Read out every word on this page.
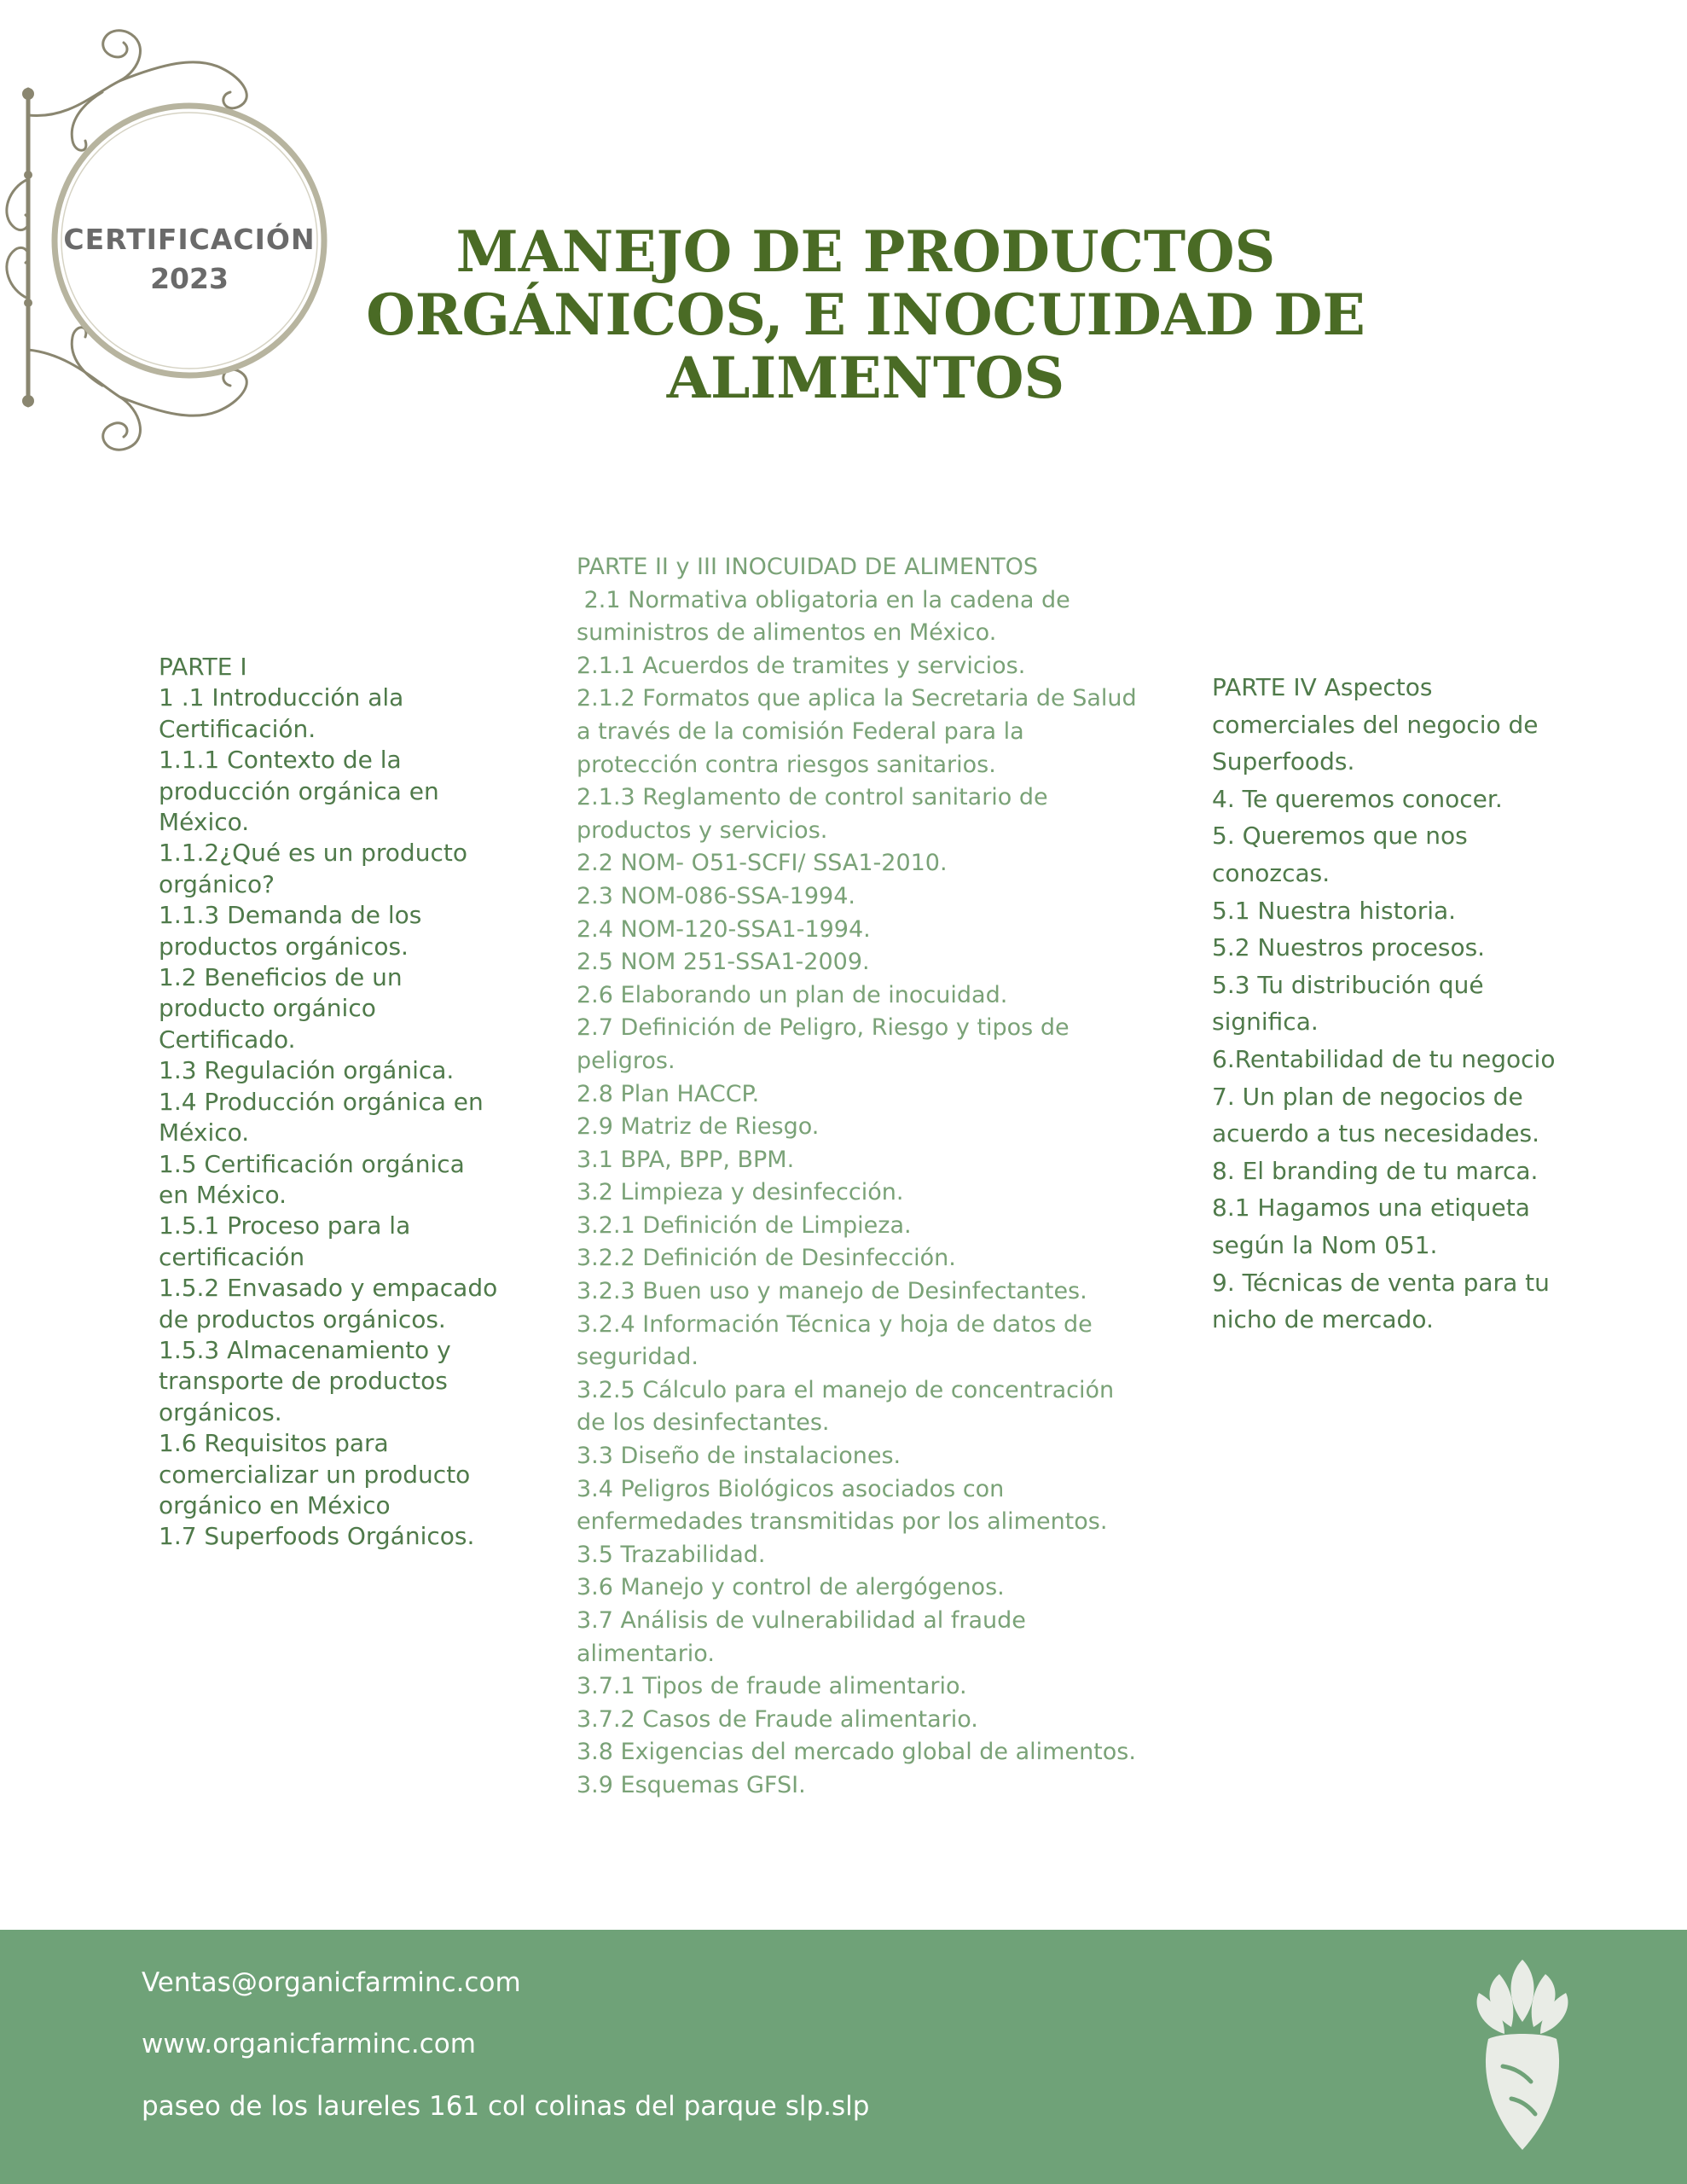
CERTIFICACIÓN
2023	MANEJO DE PRODUCTOS
ORGÁNICOS, E INOCUIDAD DE
ALIMENTOS
PARTE I
1 .1 Introducción ala
Certificación.
1.1.1 Contexto de la
producción orgánica en
México.
1.1.2¿Qué es un producto
orgánico?
1.1.3 Demanda de los
productos orgánicos.
1.2 Beneficios de un
producto orgánico
Certificado.
1.3 Regulación orgánica.
1.4 Producción orgánica en
México.
1.5 Certificación orgánica
en México.
1.5.1 Proceso para la
certificación
1.5.2 Envasado y empacado
de productos orgánicos.
1.5.3 Almacenamiento y
transporte de productos
orgánicos.
1.6 Requisitos para
comercializar un producto
orgánico en México
1.7 Superfoods Orgánicos.
PARTE II y III INOCUIDAD DE ALIMENTOS
2.1 Normativa obligatoria en la cadena de
suministros de alimentos en México.
2.1.1 Acuerdos de tramites y servicios.
2.1.2 Formatos que aplica la Secretaria de Salud
a través de la comisión Federal para la
protección contra riesgos sanitarios.
2.1.3 Reglamento de control sanitario de
productos y servicios.
2.2 NOM- O51-SCFI/ SSA1-2010.
2.3 NOM-086-SSA-1994.
2.4 NOM-120-SSA1-1994.
2.5 NOM 251-SSA1-2009.
2.6 Elaborando un plan de inocuidad.
2.7 Definición de Peligro, Riesgo y tipos de
peligros.
2.8 Plan HACCP.
2.9 Matriz de Riesgo.
3.1 BPA, BPP, BPM.
3.2 Limpieza y desinfección.
3.2.1 Definición de Limpieza.
3.2.2 Definición de Desinfección.
3.2.3 Buen uso y manejo de Desinfectantes.
3.2.4 Información Técnica y hoja de datos de
seguridad.
3.2.5 Cálculo para el manejo de concentración
de los desinfectantes.
3.3 Diseño de instalaciones.
3.4 Peligros Biológicos asociados con
enfermedades transmitidas por los alimentos.
3.5 Trazabilidad.
3.6 Manejo y control de alergógenos.
3.7 Análisis de vulnerabilidad al fraude
alimentario.
3.7.1 Tipos de fraude alimentario.
3.7.2 Casos de Fraude alimentario.
3.8 Exigencias del mercado global de alimentos.
3.9 Esquemas GFSI.
PARTE IV Aspectos
comerciales del negocio de
Superfoods.
4. Te queremos conocer.
5. Queremos que nos
conozcas.
5.1 Nuestra historia.
5.2 Nuestros procesos.
5.3 Tu distribución qué
significa.
6.Rentabilidad de tu negocio
7. Un plan de negocios de
acuerdo a tus necesidades.
8. El branding de tu marca.
8.1 Hagamos una etiqueta
según la Nom 051.
9. Técnicas de venta para tu
nicho de mercado.
Ventas@organicfarminc.com
www.organicfarminc.com
paseo de los laureles 161 col colinas del parque slp.slp
